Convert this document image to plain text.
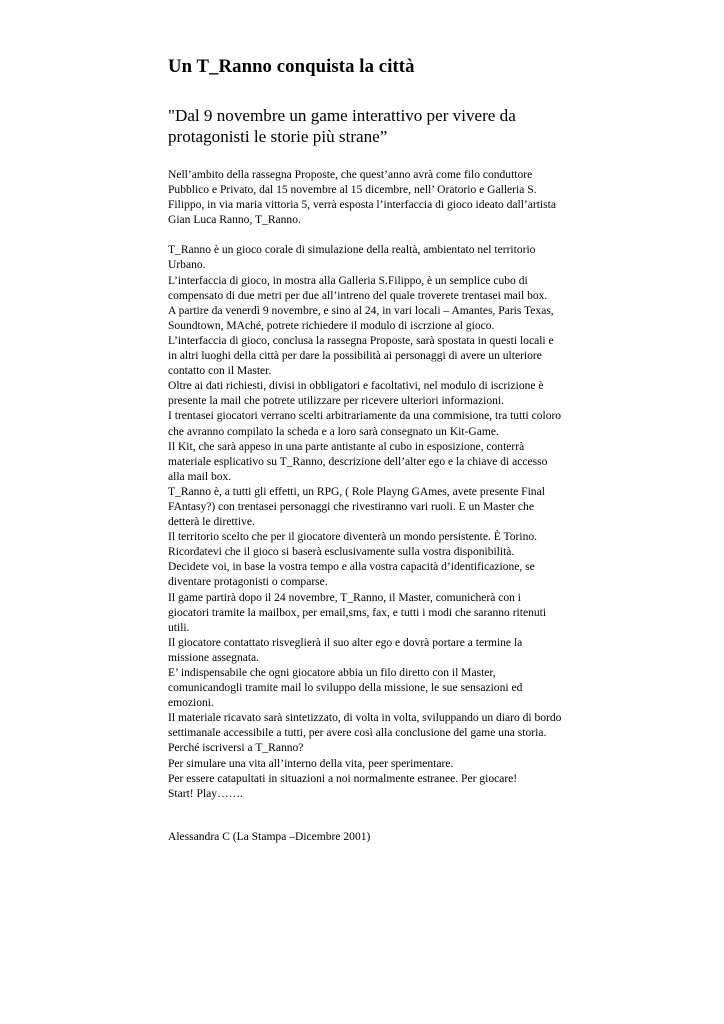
Un T_Ranno conquista la città
"Dal 9 novembre un game interattivo per vivere da protagonisti le storie più strane”

Nell’ambito della rassegna Proposte, che quest’anno avrà come filo conduttore Pubblico e Privato, dal 15 novembre al 15 dicembre, nell’ Oratorio e Galleria S. Filippo, in via maria vittoria 5, verrà esposta l’interfaccia di gioco ideato dall’artista Gian Luca Ranno, T_Ranno.

T_Ranno è un gioco corale di simulazione della realtà, ambientato nel territorio Urbano.

L’interfaccia di gioco, in mostra alla Galleria S.Filippo, è un semplice cubo di compensato di due metri per due all’intreno del quale troverete trentasei mail box.

A partire da venerdì 9 novembre, e sino al 24, in vari locali – Amantes, Paris Texas, Soundtown, MAché, potrete richiedere il modulo di iscrzione al gioco.

L’interfaccia di gioco, conclusa la rassegna Proposte, sarà spostata in questi locali e in altri luoghi della città per dare la possibilità ai personaggi di avere un ulteriore contatto con il Master.

Oltre ai dati richiesti, divisi in obbligatori e facoltativi, nel modulo di iscrizione è presente la mail che potrete utilizzare per ricevere ulteriori informazioni.

I trentasei giocatori verrano scelti arbitrariamente da una commisione, tra tutti coloro che avranno compilato la scheda e a loro sarà consegnato un Kit-Game.

Il Kit, che sarà appeso in una parte antistante al cubo in esposizione, conterrà materiale esplicativo su T_Ranno, descrizione dell’alter ego e la chiave di accesso alla mail box.

T_Ranno è, a tutti gli effetti, un RPG, ( Role Playng GAmes, avete presente Final FAntasy?) con trentasei personaggi che rivestiranno vari ruoli. E un Master che detterà le direttive.

Il territorio scelto che per il giocatore diventerà un mondo persistente. È Torino.

Ricordatevi che il gioco si baserà esclusivamente sulla vostra disponibilità.

Decidete voi, in base la vostra tempo e alla vostra capacità d’identificazione, se diventare protagonisti o comparse.

Il game partirà dopo il 24 novembre, T_Ranno, il Master, comunicherà con i giocatori tramite la mailbox, per email,sms, fax, e tutti i modi che saranno ritenuti utili.

Il giocatore contattato risveglierà il suo alter ego e dovrà portare a termine la missione assegnata.

E’ indispensabile che ogni giocatore abbia un filo diretto con il Master, comunicandogli tramite mail lo sviluppo della missione, le sue sensazioni ed emozioni.

Il materiale ricavato sarà sintetizzato, di volta in volta, sviluppando un diaro di bordo settimanale accessibile a tutti, per avere così alla conclusione del game una storia.

Perché iscriversi a T_Ranno?

Per simulare una vita all’interno della vita, peer sperimentare.

Per essere catapultati in situazioni a noi normalmente estranee. Per giocare!

Start! Play…….

Alessandra C (La Stampa –Dicembre 2001)
